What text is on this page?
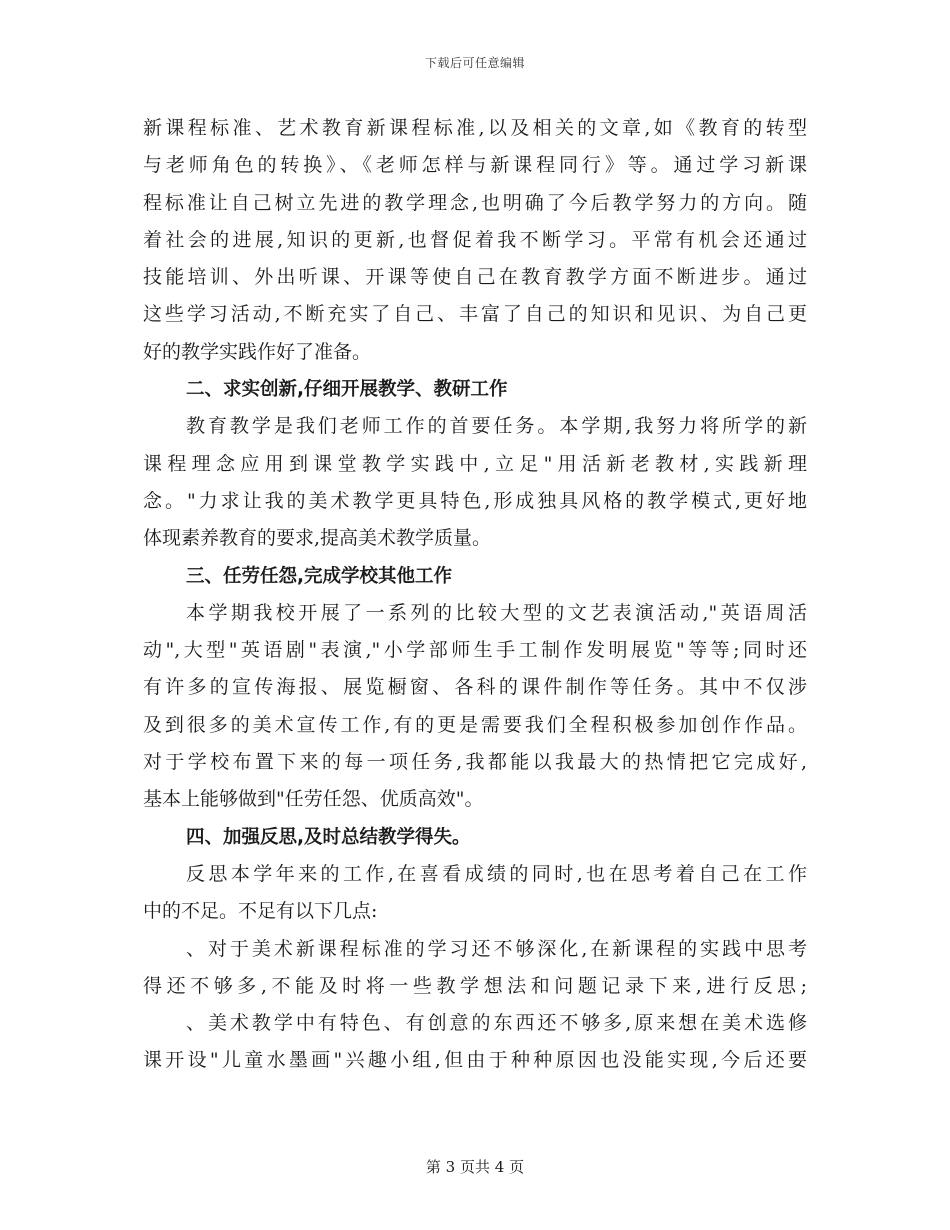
下载后可任意编辑
新课程标准、艺术教育新课程标准,以及相关的文章,如《教育的转型
与老师角色的转换》、《老师怎样与新课程同行》等。通过学习新课
程标准让自己树立先进的教学理念,也明确了今后教学努力的方向。随
着社会的进展,知识的更新,也督促着我不断学习。平常有机会还通过
技能培训、外出听课、开课等使自己在教育教学方面不断进步。通过
这些学习活动,不断充实了自己、丰富了自己的知识和见识、为自己更
好的教学实践作好了准备。
二、求实创新,仔细开展教学、教研工作
教育教学是我们老师工作的首要任务。本学期,我努力将所学的新
课程理念应用到课堂教学实践中,立足"用活新老教材,实践新理
念。"力求让我的美术教学更具特色,形成独具风格的教学模式,更好地
体现素养教育的要求,提高美术教学质量。
三、任劳任怨,完成学校其他工作
本学期我校开展了一系列的比较大型的文艺表演活动,"英语周活
动",大型"英语剧"表演,"小学部师生手工制作发明展览"等等;同时还
有许多的宣传海报、展览橱窗、各科的课件制作等任务。其中不仅涉
及到很多的美术宣传工作,有的更是需要我们全程积极参加创作作品。
对于学校布置下来的每一项任务,我都能以我最大的热情把它完成好,
基本上能够做到"任劳任怨、优质高效"。
四、加强反思,及时总结教学得失。
反思本学年来的工作,在喜看成绩的同时,也在思考着自己在工作
中的不足。不足有以下几点:
、对于美术新课程标准的学习还不够深化,在新课程的实践中思考
得还不够多,不能及时将一些教学想法和问题记录下来,进行反思;
、美术教学中有特色、有创意的东西还不够多,原来想在美术选修
课开设"儿童水墨画"兴趣小组,但由于种种原因也没能实现,今后还要
第 3 页共 4 页
